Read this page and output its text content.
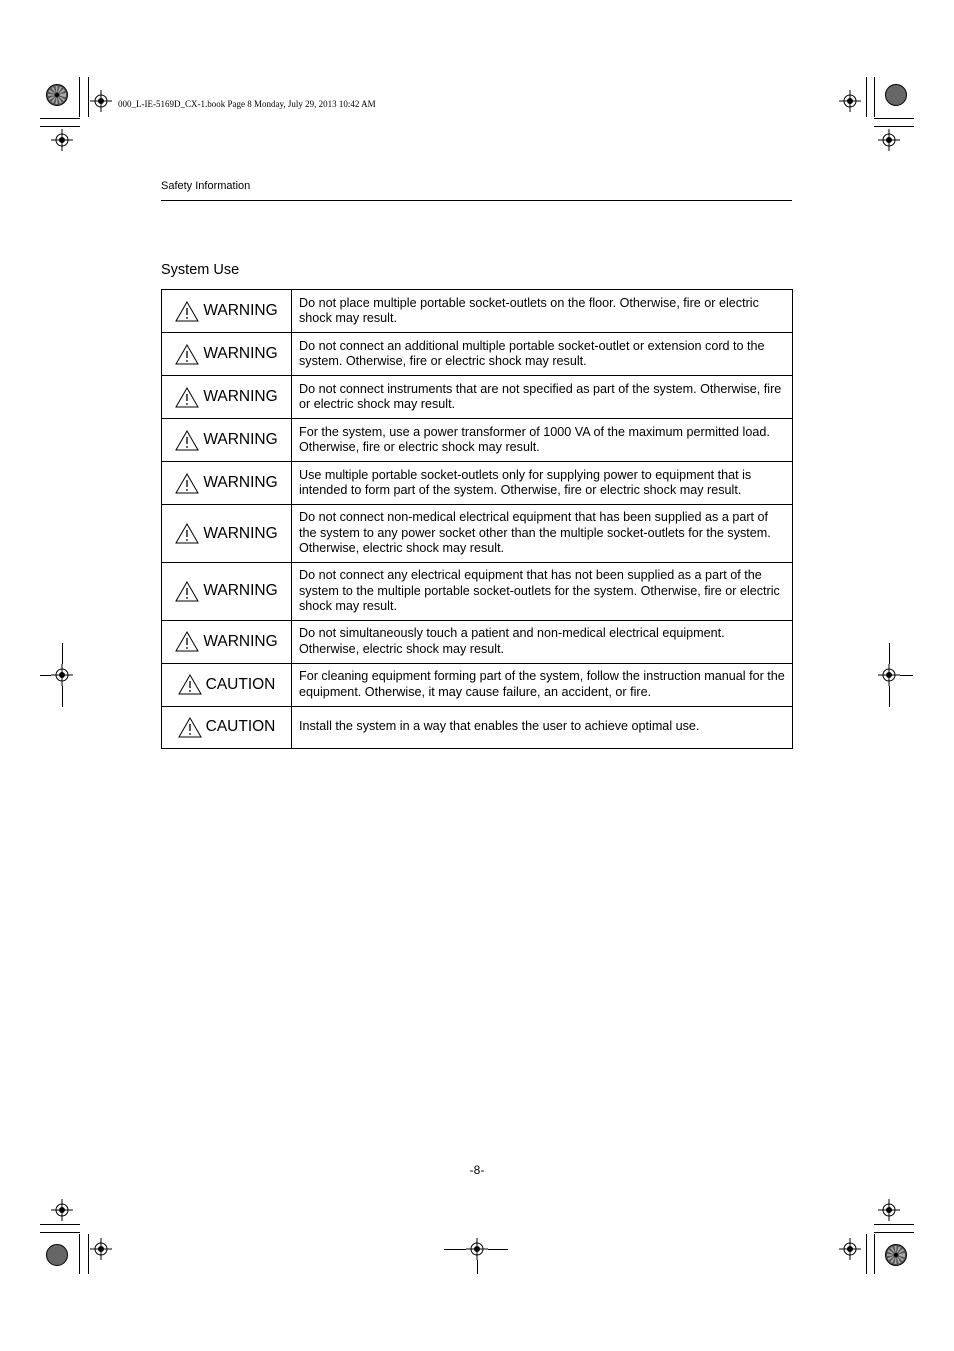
000_L-IE-5169D_CX-1.book Page 8 Monday, July 29, 2013 10:42 AM
Safety Information
System Use
WARNING	Do not place multiple portable socket-outlets on the floor. Otherwise, fire or electric shock may result.

WARNING	Do not connect an additional multiple portable socket-outlet or extension cord to the system. Otherwise, fire or electric shock may result.

WARNING	Do not connect instruments that are not specified as part of the system. Otherwise, fire or electric shock may result.

WARNING	For the system, use a power transformer of 1000 VA of the maximum permitted load. Otherwise, fire or electric shock may result.

WARNING	Use multiple portable socket-outlets only for supplying power to equipment that is intended to form part of the system. Otherwise, fire or electric shock may result.

WARNING	Do not connect non-medical electrical equipment that has been supplied as a part of the system to any power socket other than the multiple socket-outlets for the system. Otherwise, electric shock may result.

WARNING	Do not connect any electrical equipment that has not been supplied as a part of the system to the multiple portable socket-outlets for the system. Otherwise, fire or electric shock may result.

WARNING	Do not simultaneously touch a patient and non-medical electrical equipment. Otherwise, electric shock may result.

CAUTION	For cleaning equipment forming part of the system, follow the instruction manual for the equipment. Otherwise, it may cause failure, an accident, or fire.

CAUTION	Install the system in a way that enables the user to achieve optimal use.
-8-
